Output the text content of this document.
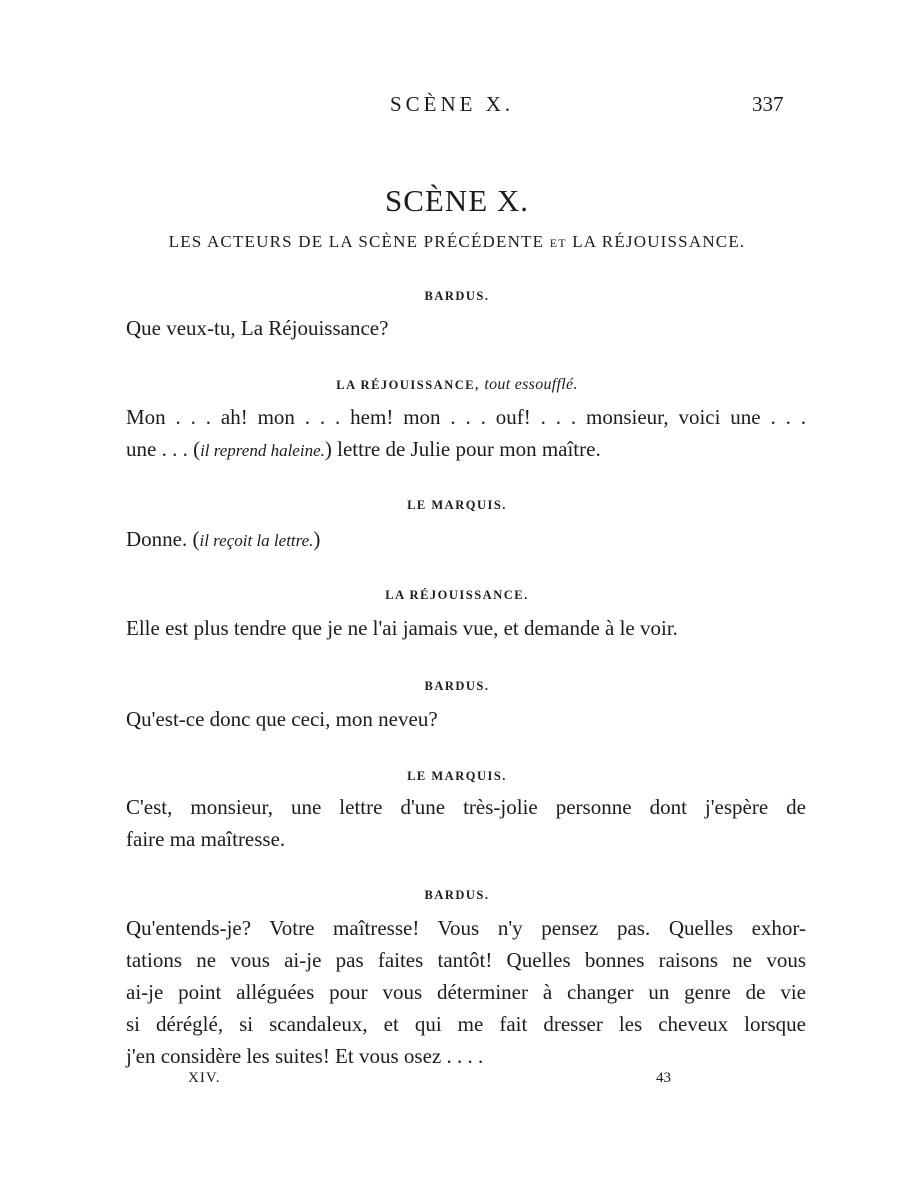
SCÈNE X.	337
SCÈNE X.
LES ACTEURS DE LA SCÈNE PRÉCÉDENTE ET LA RÉJOUISSANCE.
BARDUS.

Que veux-tu, La Réjouissance?

LA RÉJOUISSANCE, tout essoufflé.

Mon . . . ah! mon . . . hem! mon . . . ouf! . . . monsieur, voici une . . .
une . . . (il reprend haleine.) lettre de Julie pour mon maître.

LE MARQUIS.

Donne. (il reçoit la lettre.)

LA RÉJOUISSANCE.

Elle est plus tendre que je ne l'ai jamais vue, et demande à le voir.

BARDUS.

Qu'est-ce donc que ceci, mon neveu?

LE MARQUIS.

C'est, monsieur, une lettre d'une très-jolie personne dont j'espère de
faire ma maîtresse.

BARDUS.

Qu'entends-je? Votre maîtresse! Vous n'y pensez pas. Quelles exhor-
tations ne vous ai-je pas faites tantôt! Quelles bonnes raisons ne vous
ai-je point alléguées pour vous déterminer à changer un genre de vie
si déréglé, si scandaleux, et qui me fait dresser les cheveux lorsque
j'en considère les suites! Et vous osez . . . .

XIV.	43
